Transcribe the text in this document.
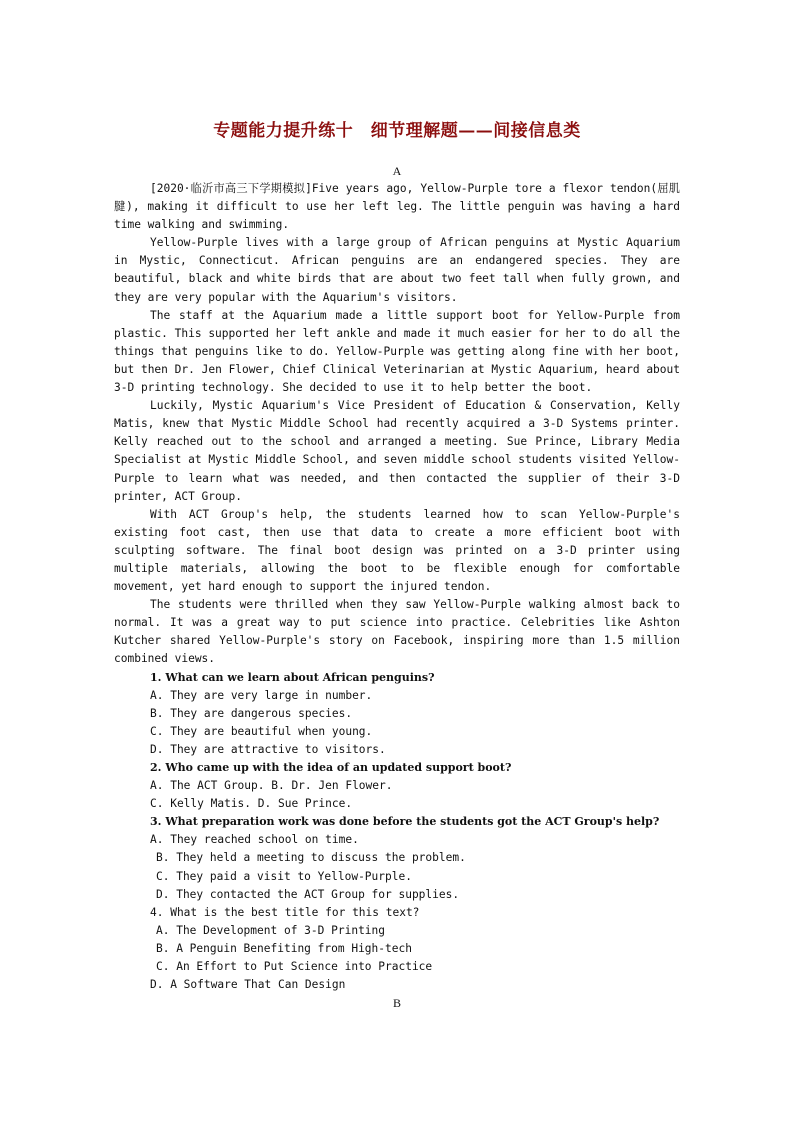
专题能力提升练十　细节理解题——间接信息类

A

[2020·临沂市高三下学期模拟]Five years ago, Yellow-Purple tore a flexor tendon(屈肌腱), making it difficult to use her left leg. The little penguin was having a hard time walking and swimming.

Yellow-Purple lives with a large group of African penguins at Mystic Aquarium in Mystic, Connecticut. African penguins are an endangered species. They are beautiful, black and white birds that are about two feet tall when fully grown, and they are very popular with the Aquarium's visitors.

The staff at the Aquarium made a little support boot for Yellow-Purple from plastic. This supported her left ankle and made it much easier for her to do all the things that penguins like to do. Yellow-Purple was getting along fine with her boot, but then Dr. Jen Flower, Chief Clinical Veterinarian at Mystic Aquarium, heard about 3-D printing technology. She decided to use it to help better the boot.

Luckily, Mystic Aquarium's Vice President of Education & Conservation, Kelly Matis, knew that Mystic Middle School had recently acquired a 3-D Systems printer. Kelly reached out to the school and arranged a meeting. Sue Prince, Library Media Specialist at Mystic Middle School, and seven middle school students visited Yellow-Purple to learn what was needed, and then contacted the supplier of their 3-D printer, ACT Group.

With ACT Group's help, the students learned how to scan Yellow-Purple's existing foot cast, then use that data to create a more efficient boot with sculpting software. The final boot design was printed on a 3-D printer using multiple materials, allowing the boot to be flexible enough for comfortable movement, yet hard enough to support the injured tendon.

The students were thrilled when they saw Yellow-Purple walking almost back to normal. It was a great way to put science into practice. Celebrities like Ashton Kutcher shared Yellow-Purple's story on Facebook, inspiring more than 1.5 million combined views.

1. What can we learn about African penguins?

A. They are very large in number.

B. They are dangerous species.

C. They are beautiful when young.

D. They are attractive to visitors.

2. Who came up with the idea of an updated support boot?

A. The ACT Group. B. Dr. Jen Flower.

C. Kelly Matis. D. Sue Prince.

3. What preparation work was done before the students got the ACT Group's help?

A. They reached school on time.

B. They held a meeting to discuss the problem.

C. They paid a visit to Yellow-Purple.

D. They contacted the ACT Group for supplies.

4. What is the best title for this text?

A. The Development of 3-D Printing

B. A Penguin Benefiting from High-tech

C. An Effort to Put Science into Practice

D. A Software That Can Design

B
